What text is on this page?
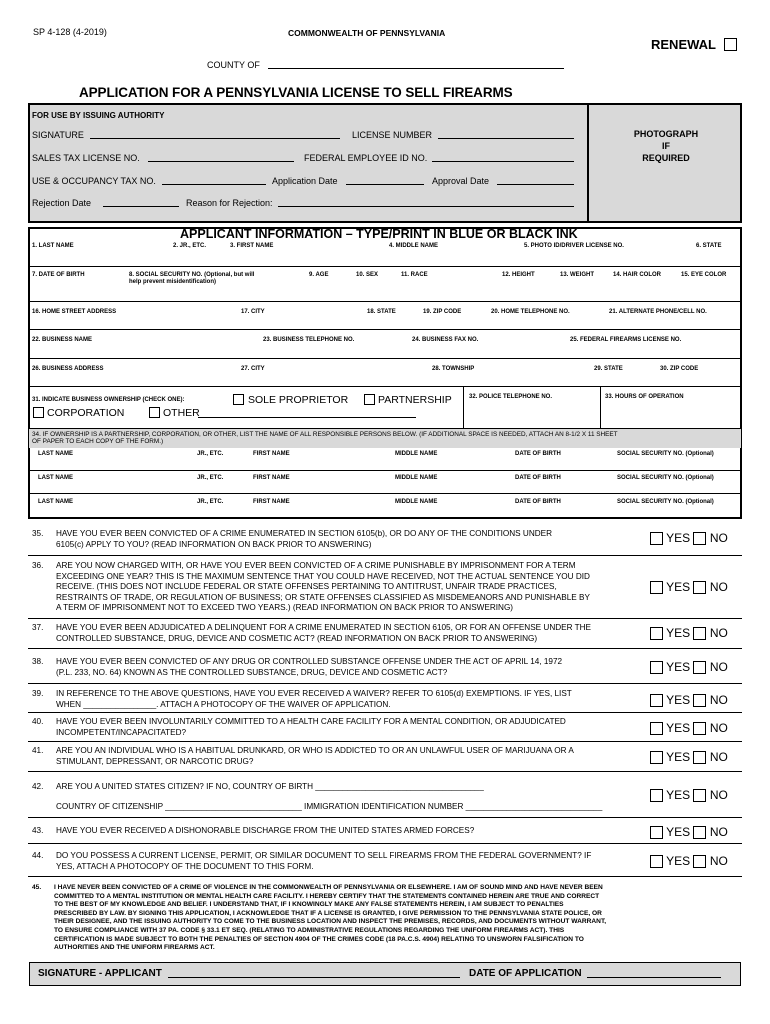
SP 4-128 (4-2019)	COMMONWEALTH OF PENNSYLVANIA
RENEWAL
COUNTY OF
APPLICATION FOR A PENNSYLVANIA LICENSE TO SELL FIREARMS
FOR USE BY ISSUING AUTHORITY
SIGNATURE	LICENSE NUMBER
SALES TAX LICENSE NO.	FEDERAL EMPLOYEE ID NO.
USE & OCCUPANCY TAX NO.	Application Date	Approval Date
Rejection Date	Reason for Rejection:
PHOTOGRAPH
IF
REQUIRED
APPLICANT INFORMATION – TYPE/PRINT IN BLUE OR BLACK INK
1. LAST NAME	2. JR., ETC.	3. FIRST NAME	4. MIDDLE NAME	5. PHOTO ID/DRIVER LICENSE NO.	6. STATE
7. DATE OF BIRTH	8. SOCIAL SECURITY NO. (Optional, but will
help prevent misidentification)
9. AGE	10. SEX	11. RACE	12. HEIGHT	13. WEIGHT	14. HAIR COLOR	15. EYE COLOR
16. HOME STREET ADDRESS	17. CITY	18. STATE	19. ZIP CODE	20. HOME TELEPHONE NO.	21. ALTERNATE PHONE/CELL NO.
22. BUSINESS NAME	23. BUSINESS TELEPHONE NO.	24. BUSINESS FAX NO.	25. FEDERAL FIREARMS LICENSE NO.
26. BUSINESS ADDRESS	27. CITY	28. TOWNSHIP	29. STATE	30. ZIP CODE
31. INDICATE BUSINESS OWNERSHIP (CHECK ONE):	SOLE PROPRIETOR	PARTNERSHIP
CORPORATION	OTHER
32. POLICE TELEPHONE NO.	33. HOURS OF OPERATION
34. IF OWNERSHIP IS A PARTNERSHIP, CORPORATION, OR OTHER, LIST THE NAME OF ALL RESPONSIBLE PERSONS BELOW. (IF ADDITIONAL SPACE IS NEEDED, ATTACH AN 8-1/2 X 11 SHEET
OF PAPER TO EACH COPY OF THE FORM.)
LAST NAME	JR., ETC.	FIRST NAME	MIDDLE NAME	DATE OF BIRTH	SOCIAL SECURITY NO. (Optional)
LAST NAME	JR., ETC.	FIRST NAME	MIDDLE NAME	DATE OF BIRTH	SOCIAL SECURITY NO. (Optional)
LAST NAME	JR., ETC.	FIRST NAME	MIDDLE NAME	DATE OF BIRTH	SOCIAL SECURITY NO. (Optional)
35. HAVE YOU EVER BEEN CONVICTED OF A CRIME ENUMERATED IN SECTION 6105(b), OR DO ANY OF THE CONDITIONS UNDER
6105(c) APPLY TO YOU? (READ INFORMATION ON BACK PRIOR TO ANSWERING)	YES NO
36. ARE YOU NOW CHARGED WITH, OR HAVE YOU EVER BEEN CONVICTED OF A CRIME PUNISHABLE BY IMPRISONMENT FOR A TERM
EXCEEDING ONE YEAR? THIS IS THE MAXIMUM SENTENCE THAT YOU COULD HAVE RECEIVED, NOT THE ACTUAL SENTENCE YOU DID
RECEIVE. (THIS DOES NOT INCLUDE FEDERAL OR STATE OFFENSES PERTAINING TO ANTITRUST, UNFAIR TRADE PRACTICES,
RESTRAINTS OF TRADE, OR REGULATION OF BUSINESS; OR STATE OFFENSES CLASSIFIED AS MISDEMEANORS AND PUNISHABLE BY
A TERM OF IMPRISONMENT NOT TO EXCEED TWO YEARS.) (READ INFORMATION ON BACK PRIOR TO ANSWERING)
YES NO
37. HAVE YOU EVER BEEN ADJUDICATED A DELINQUENT FOR A CRIME ENUMERATED IN SECTION 6105, OR FOR AN OFFENSE UNDER THE
CONTROLLED SUBSTANCE, DRUG, DEVICE AND COSMETIC ACT? (READ INFORMATION ON BACK PRIOR TO ANSWERING)	YES NO
38. HAVE YOU EVER BEEN CONVICTED OF ANY DRUG OR CONTROLLED SUBSTANCE OFFENSE UNDER THE ACT OF APRIL 14, 1972
(P.L. 233, NO. 64) KNOWN AS THE CONTROLLED SUBSTANCE, DRUG, DEVICE AND COSMETIC ACT?	YES NO
39. IN REFERENCE TO THE ABOVE QUESTIONS, HAVE YOU EVER RECEIVED A WAIVER? REFER TO 6105(d) EXEMPTIONS. IF YES, LIST
WHEN ________________. ATTACH A PHOTOCOPY OF THE WAIVER OF APPLICATION.	YES NO
40. HAVE YOU EVER BEEN INVOLUNTARILY COMMITTED TO A HEALTH CARE FACILITY FOR A MENTAL CONDITION, OR ADJUDICATED
INCOMPETENT/INCAPACITATED?	YES NO
41. ARE YOU AN INDIVIDUAL WHO IS A HABITUAL DRUNKARD, OR WHO IS ADDICTED TO OR AN UNLAWFUL USER OF MARIJUANA OR A
STIMULANT, DEPRESSANT, OR NARCOTIC DRUG?	YES NO
42. ARE YOU A UNITED STATES CITIZEN? IF NO, COUNTRY OF BIRTH _____________________________________
COUNTRY OF CITIZENSHIP ______________________________ IMMIGRATION IDENTIFICATION NUMBER ______________________________
YES NO
43. HAVE YOU EVER RECEIVED A DISHONORABLE DISCHARGE FROM THE UNITED STATES ARMED FORCES?	YES NO
44. DO YOU POSSESS A CURRENT LICENSE, PERMIT, OR SIMILAR DOCUMENT TO SELL FIREARMS FROM THE FEDERAL GOVERNMENT? IF
YES, ATTACH A PHOTOCOPY OF THE DOCUMENT TO THIS FORM.	YES NO
45. I HAVE NEVER BEEN CONVICTED OF A CRIME OF VIOLENCE IN THE COMMONWEALTH OF PENNSYLVANIA OR ELSEWHERE. I AM OF SOUND MIND AND HAVE NEVER BEEN
COMMITTED TO A MENTAL INSTITUTION OR MENTAL HEALTH CARE FACILITY. I HEREBY CERTIFY THAT THE STATEMENTS CONTAINED HEREIN ARE TRUE AND CORRECT
TO THE BEST OF MY KNOWLEDGE AND BELIEF. I UNDERSTAND THAT, IF I KNOWINGLY MAKE ANY FALSE STATEMENTS HEREIN, I AM SUBJECT TO PENALTIES
PRESCRIBED BY LAW. BY SIGNING THIS APPLICATION, I ACKNOWLEDGE THAT IF A LICENSE IS GRANTED, I GIVE PERMISSION TO THE PENNSYLVANIA STATE POLICE, OR
THEIR DESIGNEE, AND THE ISSUING AUTHORITY TO COME TO THE BUSINESS LOCATION AND INSPECT THE PREMISES, RECORDS, AND DOCUMENTS WITHOUT WARRANT,
TO ENSURE COMPLIANCE WITH 37 PA. CODE § 33.1 ET SEQ. (RELATING TO ADMINISTRATIVE REGULATIONS REGARDING THE UNIFORM FIREARMS ACT). THIS
CERTIFICATION IS MADE SUBJECT TO BOTH THE PENALTIES OF SECTION 4904 OF THE CRIMES CODE (18 PA.C.S. 4904) RELATING TO UNSWORN FALSIFICATION TO
AUTHORITIES AND THE UNIFORM FIREARMS ACT.
SIGNATURE - APPLICANT	DATE OF APPLICATION
